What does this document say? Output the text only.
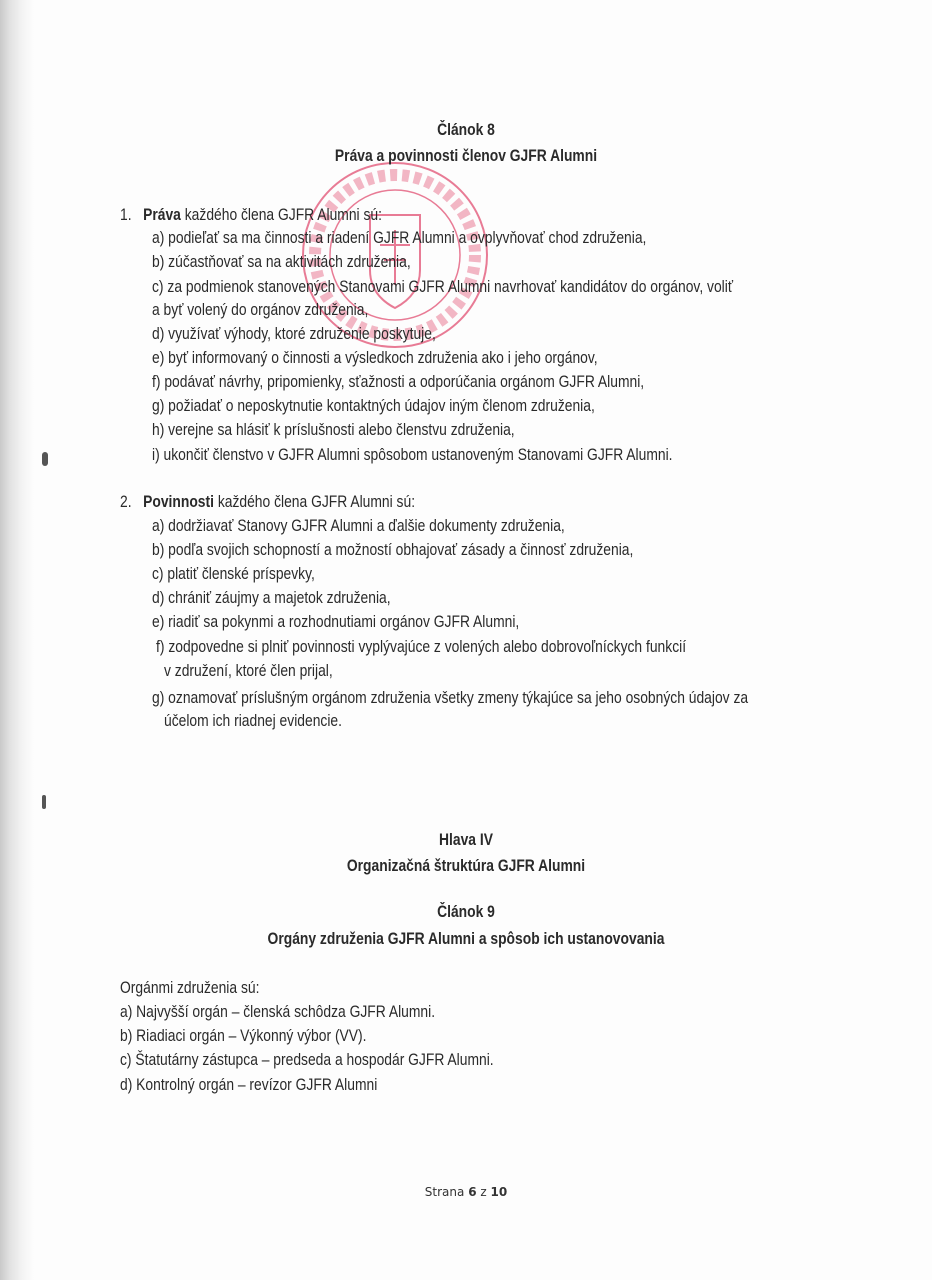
Článok 8
Práva a povinnosti členov GJFR Alumni
1. Práva každého člena GJFR Alumni sú:
a) podieľať sa ma činnosti a riadení GJFR Alumni a ovplyvňovať chod združenia,
b) zúčastňovať sa na aktivitách združenia,
c) za podmienok stanovených Stanovami GJFR Alumni navrhovať kandidátov do orgánov, voliť
a byť volený do orgánov združenia,
d) využívať výhody, ktoré združenie poskytuje,
e) byť informovaný o činnosti a výsledkoch združenia ako i jeho orgánov,
f) podávať návrhy, pripomienky, sťažnosti a odporúčania orgánom GJFR Alumni,
g) požiadať o neposkytnutie kontaktných údajov iným členom združenia,
h) verejne sa hlásiť k príslušnosti alebo členstvu združenia,
i) ukončiť členstvo v GJFR Alumni spôsobom ustanoveným Stanovami GJFR Alumni.
2. Povinnosti každého člena GJFR Alumni sú:
a) dodržiavať Stanovy GJFR Alumni a ďalšie dokumenty združenia,
b) podľa svojich schopností a možností obhajovať zásady a činnosť združenia,
c) platiť členské príspevky,
d) chrániť záujmy a majetok združenia,
e) riadiť sa pokynmi a rozhodnutiami orgánov GJFR Alumni,
f) zodpovedne si plniť povinnosti vyplývajúce z volených alebo dobrovoľníckych funkcií
v združení, ktoré člen prijal,
g) oznamovať príslušným orgánom združenia všetky zmeny týkajúce sa jeho osobných údajov za
účelom ich riadnej evidencie.
Hlava IV
Organizačná štruktúra GJFR Alumni
Článok 9
Orgány združenia GJFR Alumni a spôsob ich ustanovovania
Orgánmi združenia sú:
a) Najvyšší orgán – členská schôdza GJFR Alumni.
b) Riadiaci orgán – Výkonný výbor (VV).
c) Štatutárny zástupca – predseda a hospodár GJFR Alumni.
d) Kontrolný orgán – revízor GJFR Alumni
Strana 6 z 10
